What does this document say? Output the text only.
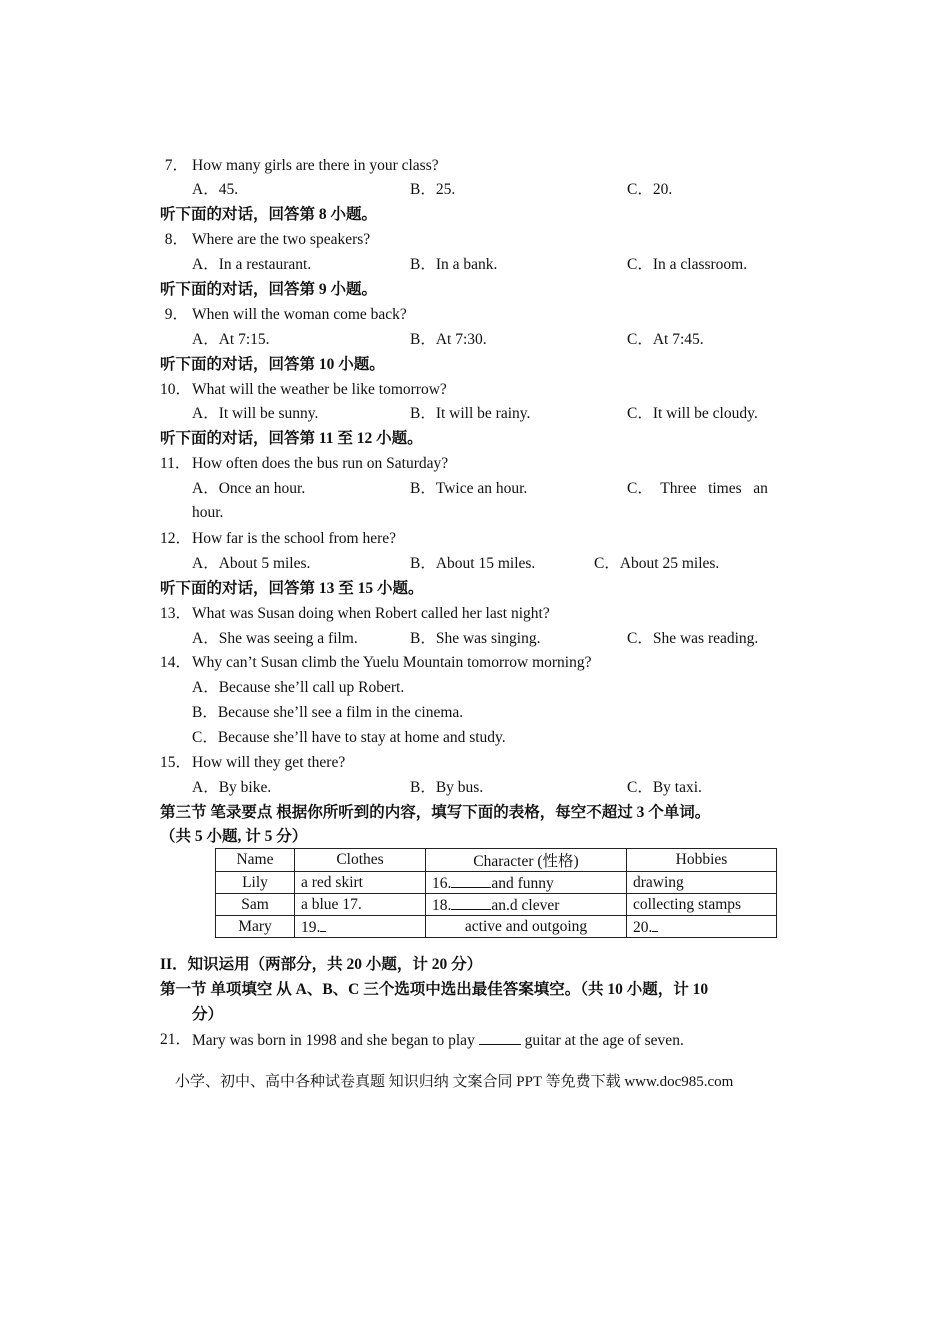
7． How many girls are there in your class?
A．45.	B．25.	C．20.
听下面的对话，回答第 8 小题。
8． Where are the two speakers?
A．In a restaurant.	B．In a bank.	C．In a classroom.
听下面的对话，回答第 9 小题。
9． When will the woman come back?
A．At 7:15.	B．At 7:30.	C．At 7:45.
听下面的对话，回答第 10 小题。
10． What will the weather be like tomorrow?
A．It will be sunny.	B．It will be rainy.	C．It will be cloudy.
听下面的对话，回答第 11 至 12 小题。
11． How often does the bus run on Saturday?
A．Once an hour.	B．Twice an hour.	C．  Three   times   an
hour.
12． How far is the school from here?
A．About 5 miles.	B．About 15 miles.	C．About 25 miles.
听下面的对话，回答第 13 至 15 小题。
13． What was Susan doing when Robert called her last night?
A．She was seeing a film.	B．She was singing.	C．She was reading.
14． Why can’t Susan climb the Yuelu Mountain tomorrow morning?
A．Because she’ll call up Robert.
B．Because she’ll see a film in the cinema.
C．Because she’ll have to stay at home and study.
15． How will they get there?
A．By bike.	B．By bus.	C．By taxi.
第三节 笔录要点 根据你所听到的内容，填写下面的表格，每空不超过 3 个单词。
（共 5 小题, 计 5 分）
Name	Clothes	Character (性格)	Hobbies
Lily	a red skirt	16. and funny	drawing
Sam	a blue 17.	18. an.d clever	collecting stamps
Mary	19.	active and outgoing	20.
II．知识运用（两部分，共 20 小题，计 20 分）
第一节 单项填空 从 A、B、C 三个选项中选出最佳答案填空。（共 10 小题，计 10
分）
21． Mary was born in 1998 and she began to play	guitar at the age of seven.
小学、初中、高中各种试卷真题 知识归纳 文案合同 PPT 等免费下载 www.doc985.com
